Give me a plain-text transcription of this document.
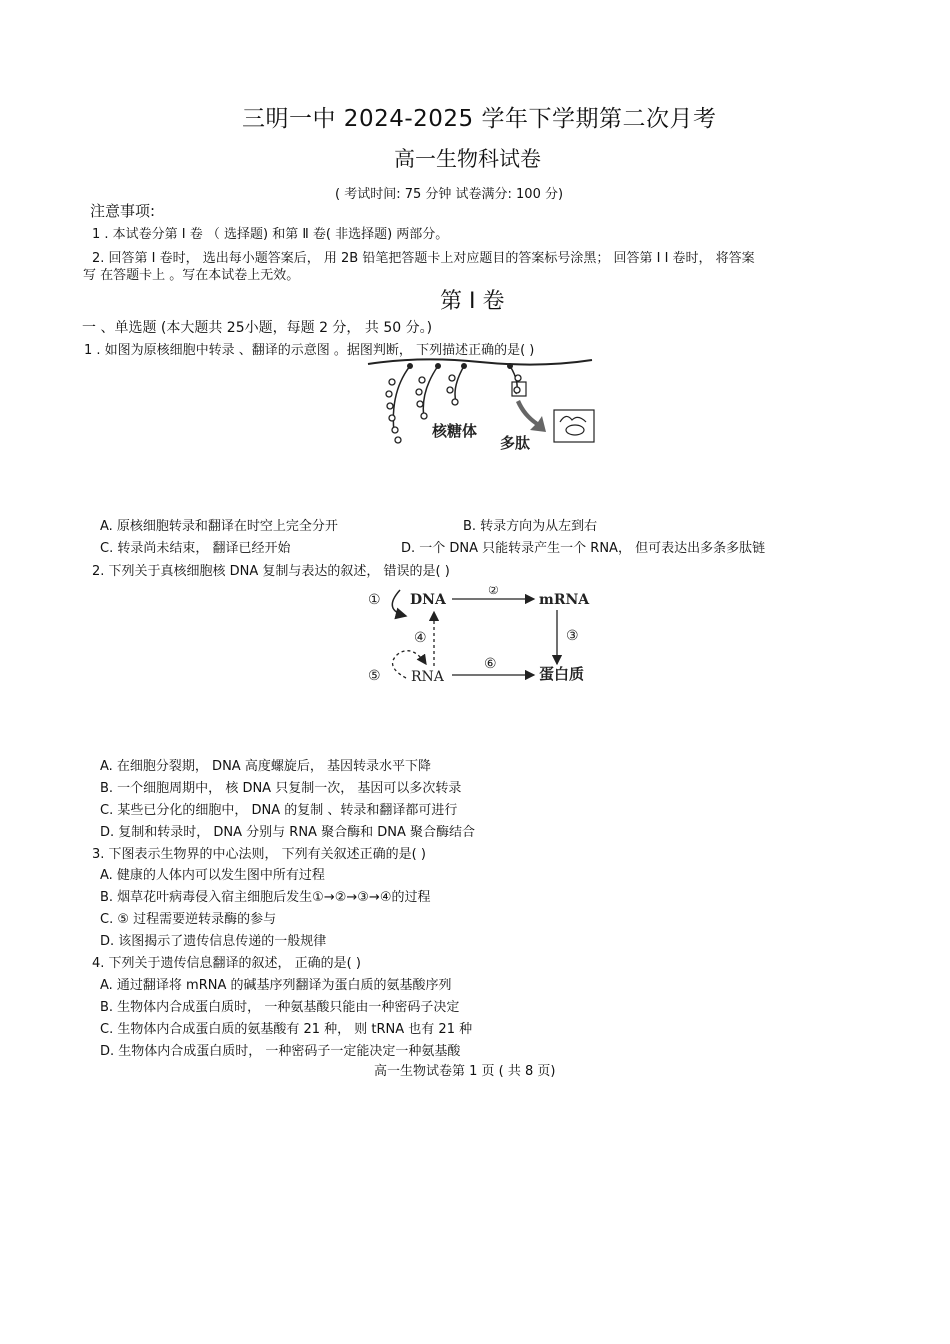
三明一中 2024-2025 学年下学期第二次月考
高一生物科试卷
( 考试时间: 75 分钟 试卷满分: 100 分)
注意事项:
1 . 本试卷分第 Ⅰ 卷 （ 选择题) 和第 Ⅱ 卷( 非选择题) 两部分。
2. 回答第 Ⅰ 卷时， 选出每小题答案后， 用 2B 铅笔把答题卡上对应题目的答案标号涂黑； 回答第 Ⅰ Ⅰ 卷时， 将答案
写 在答题卡上 。写在本试卷上无效。
第 Ⅰ 卷
一 、单选题 (本大题共 25小题，每题 2 分， 共 50 分。)
1 . 如图为原核细胞中转录 、翻译的示意图 。据图判断， 下列描述正确的是( )
核糖体
多肽
A. 原核细胞转录和翻译在时空上完全分开	B. 转录方向为从左到右
C. 转录尚未结束， 翻译已经开始	D. 一个 DNA 只能转录产生一个 RNA， 但可表达出多条多肽链
2. 下列关于真核细胞核 DNA 复制与表达的叙述， 错误的是( )
① DNA
②
mRNA
③
④
⑤ RNA
⑥
蛋白质
A. 在细胞分裂期， DNA 高度螺旋后， 基因转录水平下降
B. 一个细胞周期中， 核 DNA 只复制一次， 基因可以多次转录
C. 某些已分化的细胞中， DNA 的复制 、转录和翻译都可进行
D. 复制和转录时， DNA 分别与 RNA 聚合酶和 DNA 聚合酶结合
3. 下图表示生物界的中心法则， 下列有关叙述正确的是( )
A. 健康的人体内可以发生图中所有过程
B. 烟草花叶病毒侵入宿主细胞后发生①→②→③→④的过程
C. ⑤ 过程需要逆转录酶的参与
D. 该图揭示了遗传信息传递的一般规律
4. 下列关于遗传信息翻译的叙述， 正确的是( )
A. 通过翻译将 mRNA 的碱基序列翻译为蛋白质的氨基酸序列
B. 生物体内合成蛋白质时， 一种氨基酸只能由一种密码子决定
C. 生物体内合成蛋白质的氨基酸有 21 种， 则 tRNA 也有 21 种
D. 生物体内合成蛋白质时， 一种密码子一定能决定一种氨基酸
高一生物试卷第 1 页 ( 共 8 页)
